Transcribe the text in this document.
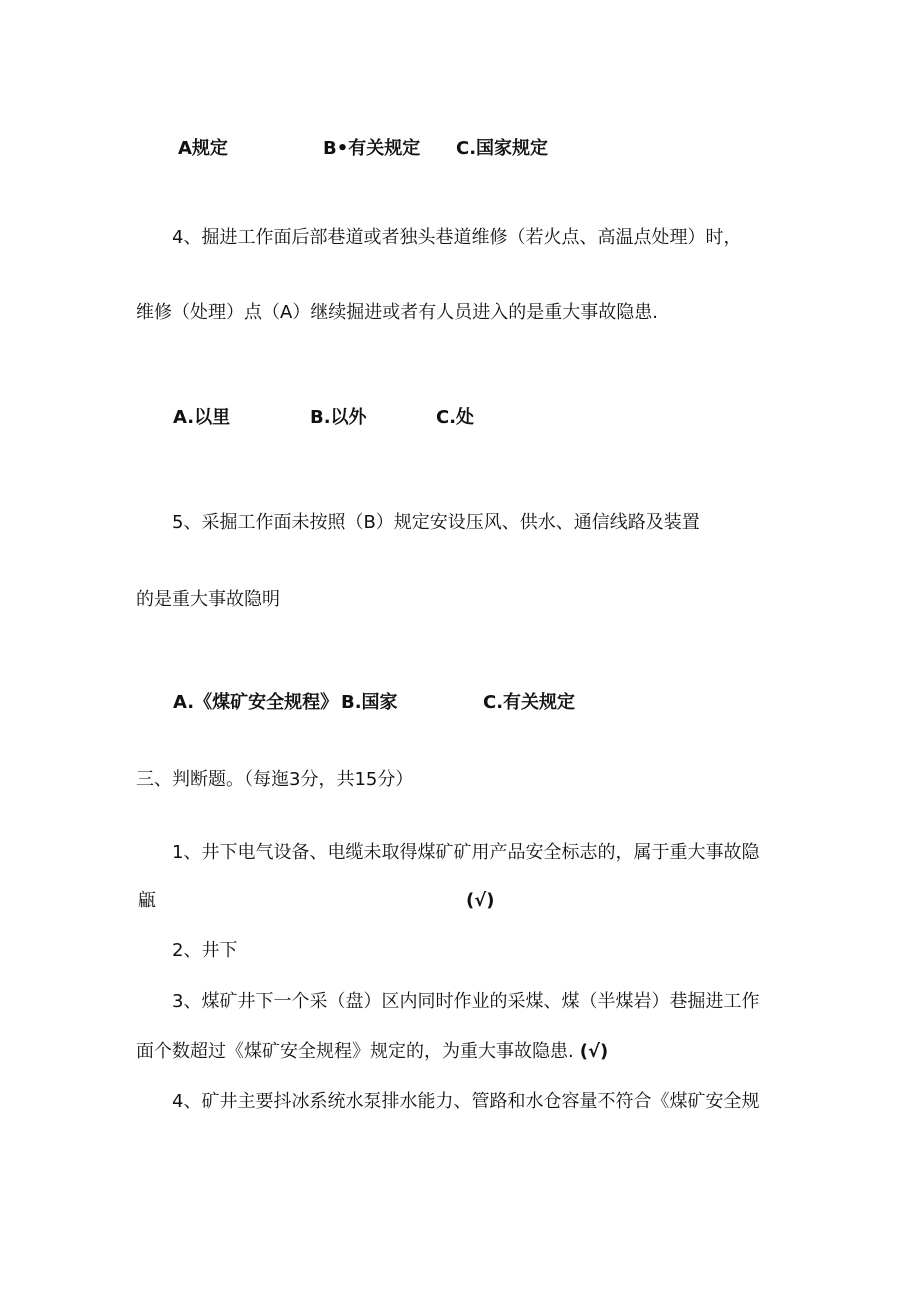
A规定	B•有关规定 C.国家规定
4、掘进工作面后部巷道或者独头巷道维修（若火点、高温点处理）时，
维修（处理）点（A）继续掘进或者有人员进入的是重大事故隐患.
A.以里	B.以外	C.处
5、采掘工作面未按照（B）规定安设压风、供水、通信线路及装置
的是重大事故隐明
A.《煤矿安全规程》 B.国家	C.有关规定
三、判断题。（每迤3分，共15分）
1、井下电气设备、电缆未取得煤矿矿用产品安全标志的，属于重大事故隐
甂	(√)
2、井下
3、煤矿井下一个采（盘）区内同时作业的采煤、煤（半煤岩）巷掘进工作
面个数超过《煤矿安全规程》规定的，为重大事故隐患. (√)
4、矿井主要抖冰系统水泵排水能力、管路和水仓容量不符合《煤矿安全规
